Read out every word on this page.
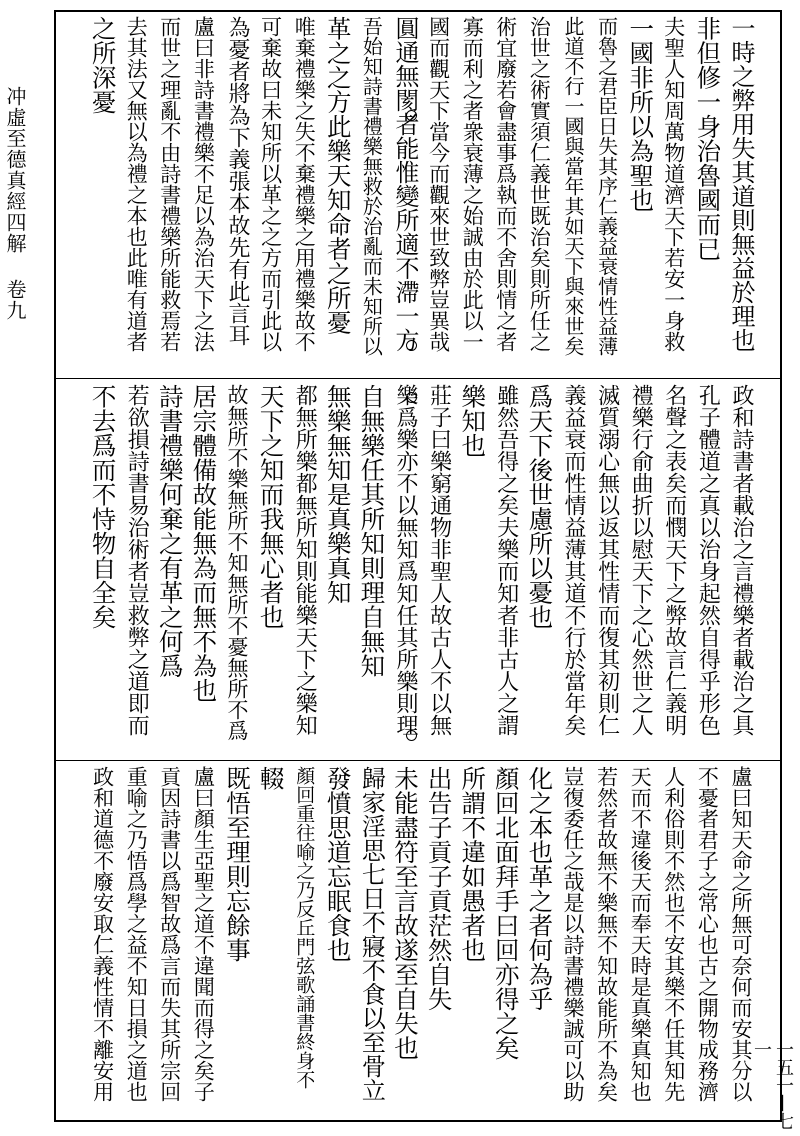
冲虛至德真經四解 卷九
一五一—七一
一時之弊用失其道則無益於理也
非但修一身治魯國而已
夫聖人知周萬物道濟天下若安一身救
一國非所以為聖也
而魯之君臣日失其序仁義益衰情性益薄
此道不行一國與當年其如天下與來世矣
治世之術實須仁義世既治矣則所任之
術宜廢若會盡事爲執而不舍則情之者
寡而利之者衆衰薄之始誠由於此以一
國而觀天下當今而觀來世致弊豈異哉
圓通無閡者能惟變所適不滯一方
吾始知詩書禮樂無救於治亂而未知所以
革之之方此樂天知命者之所憂
唯棄禮樂之失不棄禮樂之用禮樂故不
可棄故曰未知所以革之之方而引此以
為憂者將為下義張本故先有此言耳
盧曰非詩書禮樂不足以為治天下之法
而世之理亂不由詩書禮樂所能救焉若
去其法又無以為禮之本也此唯有道者
之所深憂
政和詩書者載治之言禮樂者載治之具
孔子體道之真以治身起然自得乎形色
名聲之表矣而憫天下之弊故言仁義明
禮樂行俞曲折以慰天下之心然世之人
滅質溺心無以返其性情而復其初則仁
義益衰而性情益薄其道不行於當年矣
爲天下後世慮所以憂也
雖然吾得之矣夫樂而知者非古人之謂
樂知也
莊子曰樂窮通物非聖人故古人不以無
樂爲樂亦不以無知爲知任其所樂則理
自無樂任其所知則理自無知
無樂無知是真樂真知
都無所樂都無所知則能樂天下之樂知
天下之知而我無心者也
故無所不樂無所不知無所不憂無所不爲
居宗體備故能無為而無不為也
詩書禮樂何棄之有革之何爲
若欲損詩書易治術者豈救弊之道即而
不去爲而不恃物自全矣
盧曰知天命之所無可奈何而安其分以
不憂者君子之常心也古之開物成務濟
人利俗則不然也不安其樂不任其知先
天而不違後天而奉天時是真樂真知也
若然者故無不樂無不知故能所不為矣
豈復委任之哉是以詩書禮樂誠可以助
化之本也革之者何為乎
顏回北面拜手曰回亦得之矣
所謂不違如愚者也
出告子貢子貢茫然自失
未能盡符至言故遂至自失也
歸家淫思七日不寢不食以至骨立
發憤思道忘眠食也
顏回重往喻之乃反丘門弦歌誦書終身不
輟
既悟至理則忘餘事
盧曰顏生亞聖之道不違聞而得之矣子
貢因詩書以爲智故爲言而失其所宗回
重喻之乃悟爲學之益不知日損之道也
政和道德不廢安取仁義性情不離安用
